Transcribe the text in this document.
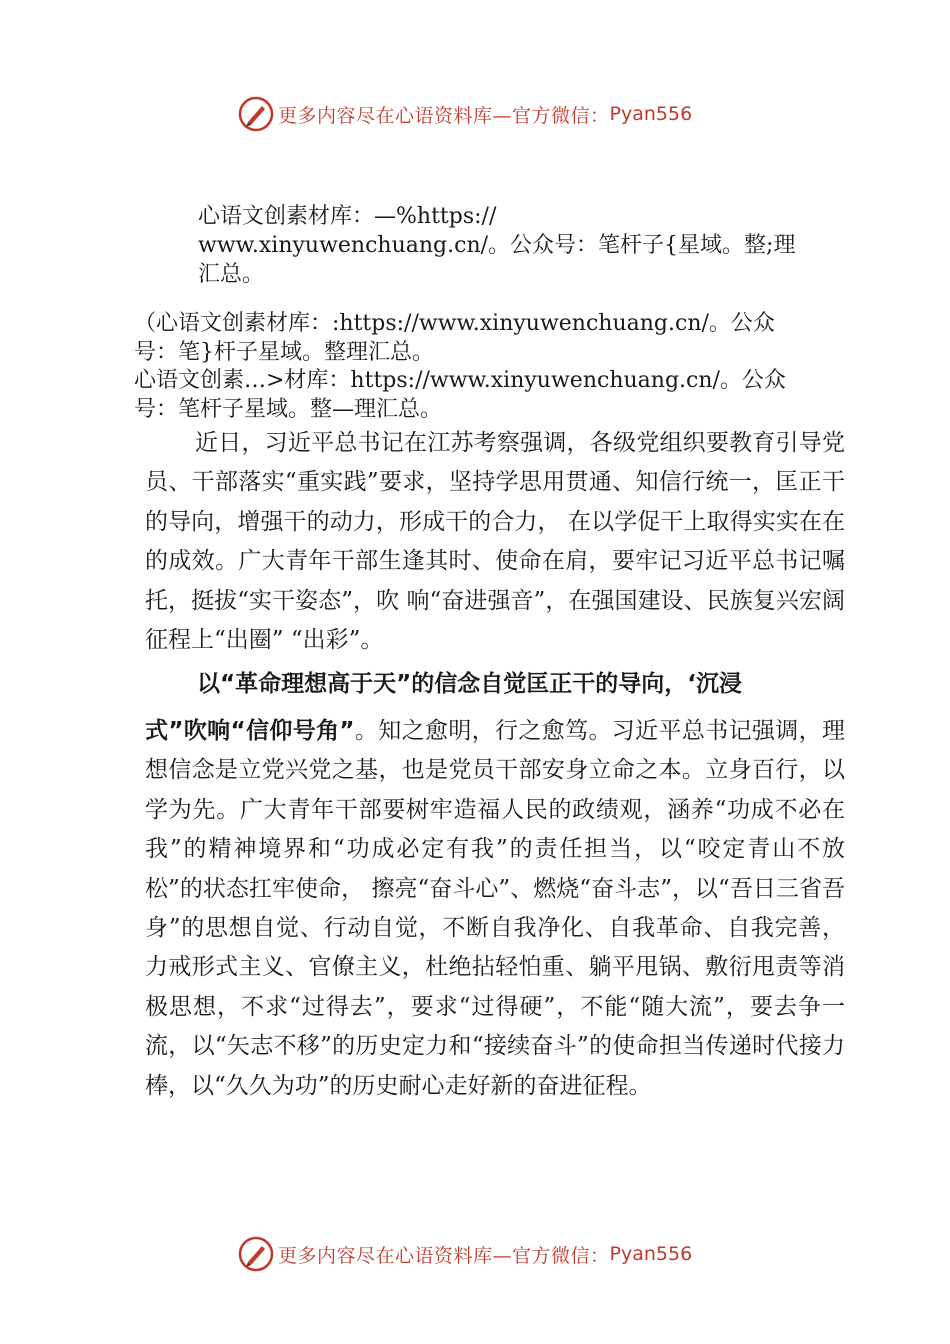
更多内容尽在心语资料库—官方微信： Pyan556
心语文创素材库：—%https://
www.xinyuwenchuang.cn/。公众号：笔杆子{星域。整;理
汇总。
（心语文创素材库：:https://www.xinyuwenchuang.cn/。公众
号：笔}杆子星域。整理汇总。
心语文创素…>材库：https://www.xinyuwenchuang.cn/。公众
号：笔杆子星域。整—理汇总。

近日，习近平总书记在江苏考察强调，各级党组织要教育引导党员、干部落实“重实践”要求，坚持学思用贯通、知信行统一，匡正干的导向，增强干的动力，形成干的合力， 在以学促干上取得实实在在的成效。广大青年干部生逢其时、使命在肩，要牢记习近平总书记嘱托，挺拔“实干姿态”，吹 响“奋进强音”，在强国建设、民族复兴宏阔征程上“出圈” “出彩”。

以“革命理想高于天”的信念自觉匡正干的导向，‘沉浸
式”吹响“信仰号角”。知之愈明，行之愈笃。习近平总书记强调，理想信念是立党兴党之基，也是党员干部安身立命之本。立身百行，以学为先。广大青年干部要树牢造福人民的政绩观，涵养“功成不必在我”的精神境界和“功成必定有我”的责任担当，以“咬定青山不放松”的状态扛牢使命， 擦亮“奋斗心”、燃烧“奋斗志”，以“吾日三省吾身”的思想自觉、行动自觉，不断自我净化、自我革命、自我完善， 力戒形式主义、官僚主义，杜绝拈轻怕重、躺平甩锅、敷衍甩责等消极思想，不求“过得去”，要求“过得硬”，不能“随大流”，要去争一流，以“矢志不移”的历史定力和“接续奋斗”的使命担当传递时代接力棒，以“久久为功”的历史耐心走好新的奋进征程。

更多内容尽在心语资料库—官方微信： Pyan556
